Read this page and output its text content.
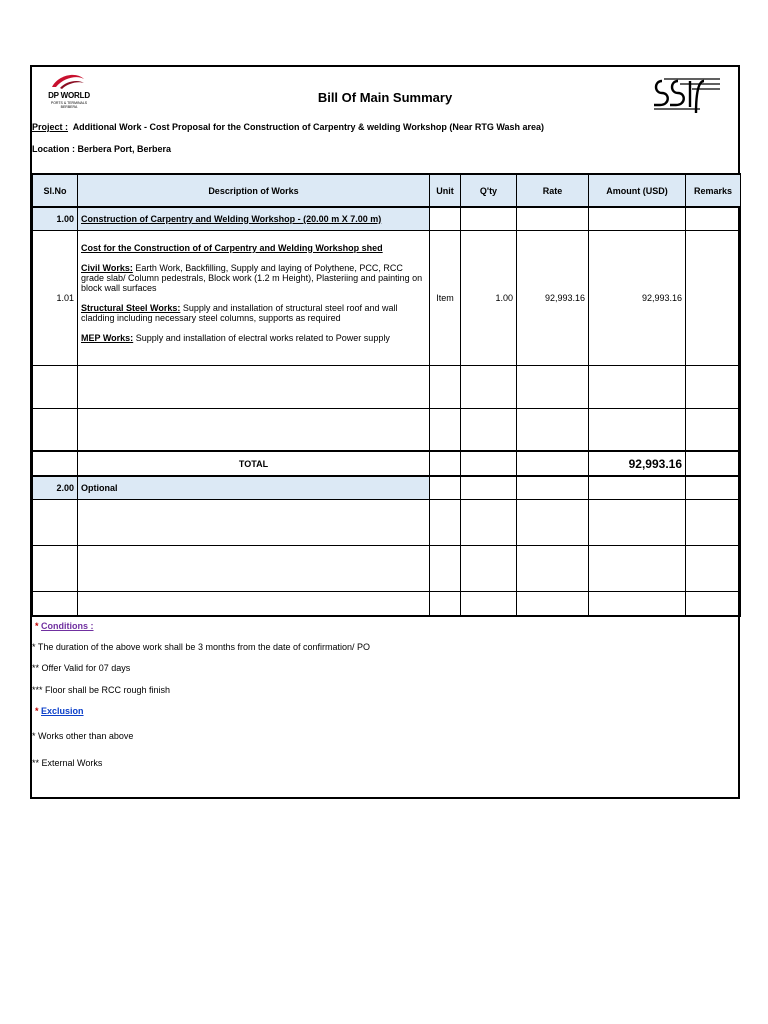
DP WORLD
PORTS & TERMINALS
BERBERA
Bill Of Main Summary
Project : Additional Work - Cost Proposal for the Construction of Carpentry & welding Workshop (Near RTG Wash area)
Location : Berbera Port, Berbera
Sl.No	Description of Works	Unit	Q'ty	Rate	Amount (USD)	Remarks
1.00	Construction of Carpentry and Welding Workshop - (20.00 m X 7.00 m)					
1.01	Cost for the Construction of of Carpentry and Welding Workshop shed

Civil Works: Earth Work, Backfilling, Supply and laying of Polythene, PCC, RCC grade slab/ Column pedestrals, Block work (1.2 m Height), Plasteriing and painting on block wall surfaces

Structural Steel Works: Supply and installation of structural steel roof and wall cladding including necessary steel columns, supports as required

MEP Works: Supply and installation of electral works related to Power supply	Item	1.00	92,993.16	92,993.16	

	TOTAL				92,993.16	
2.00	Optional					

* Conditions :
* The duration of the above work shall be 3 months from the date of confirmation/ PO
** Offer Valid for 07 days
*** Floor shall be RCC rough finish
* Exclusion
* Works other than above
** External Works
